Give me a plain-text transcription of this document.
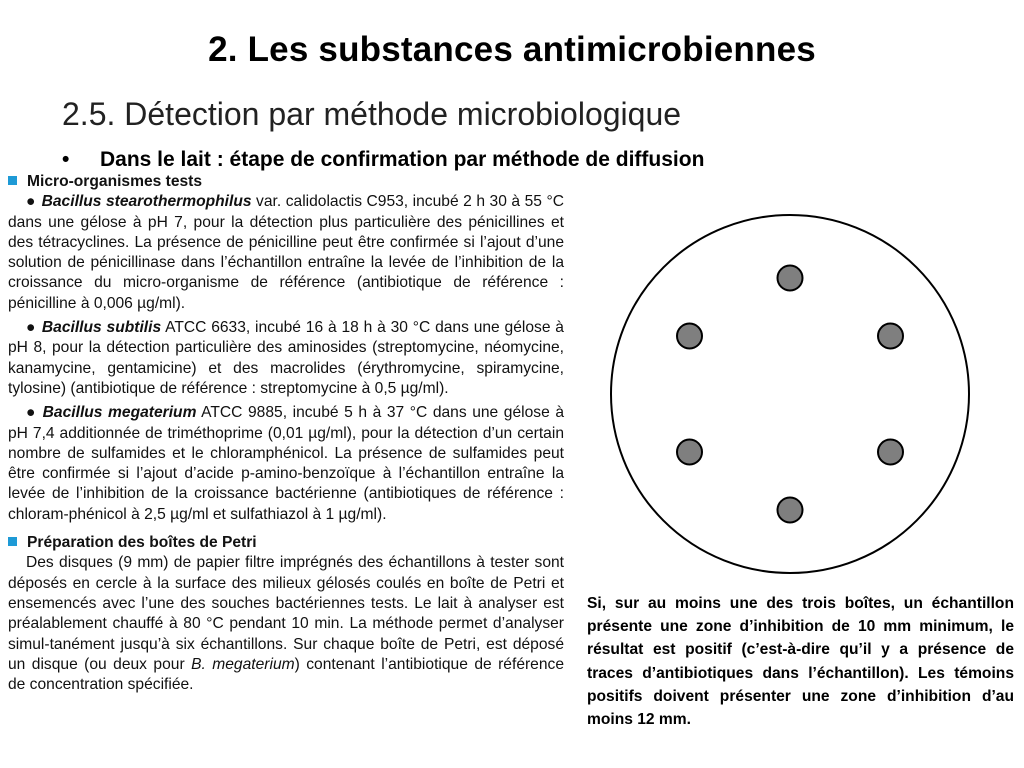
2. Les substances antimicrobiennes
2.5. Détection par méthode microbiologique
• Dans le lait : étape de confirmation par méthode de diffusion
Micro-organismes tests
● Bacillus stearothermophilus var. calidolactis C953, incubé 2 h 30 à 55 °C dans une gélose à pH 7, pour la détection plus particulière des pénicillines et des tétracyclines. La présence de pénicilline peut être confirmée si l’ajout d’une solution de pénicillinase dans l’échantillon entraîne la levée de l’inhibition de la croissance du micro-organisme de référence (antibiotique de référence : pénicilline à 0,006 µg/ml).
● Bacillus subtilis ATCC 6633, incubé 16 à 18 h à 30 °C dans une gélose à pH 8, pour la détection particulière des aminosides (streptomycine, néomycine, kanamycine, gentamicine) et des macrolides (érythromycine, spiramycine, tylosine) (antibiotique de référence : streptomycine à 0,5 µg/ml).
● Bacillus megaterium ATCC 9885, incubé 5 h à 37 °C dans une gélose à pH 7,4 additionnée de triméthoprime (0,01 µg/ml), pour la détection d’un certain nombre de sulfamides et le chloramphénicol. La présence de sulfamides peut être confirmée si l’ajout d’acide p-amino-benzoïque à l’échantillon entraîne la levée de l’inhibition de la croissance bactérienne (antibiotiques de référence : chloram-phénicol à 2,5 µg/ml et sulfathiazol à 1 µg/ml).
Préparation des boîtes de Petri
Des disques (9 mm) de papier filtre imprégnés des échantillons à tester sont déposés en cercle à la surface des milieux gélosés coulés en boîte de Petri et ensemencés avec l’une des souches bactériennes tests. Le lait à analyser est préalablement chauffé à 80 °C pendant 10 min. La méthode permet d’analyser simul-tanément jusqu’à six échantillons. Sur chaque boîte de Petri, est déposé un disque (ou deux pour B. megaterium) contenant l’antibiotique de référence de concentration spécifiée.
Si, sur au moins une des trois boîtes, un échantillon présente une zone d’inhibition de 10 mm minimum, le résultat est positif (c’est-à-dire qu’il y a présence de traces d’antibiotiques dans l’échantillon). Les témoins positifs doivent présenter une zone d’inhibition d’au moins 12 mm.
